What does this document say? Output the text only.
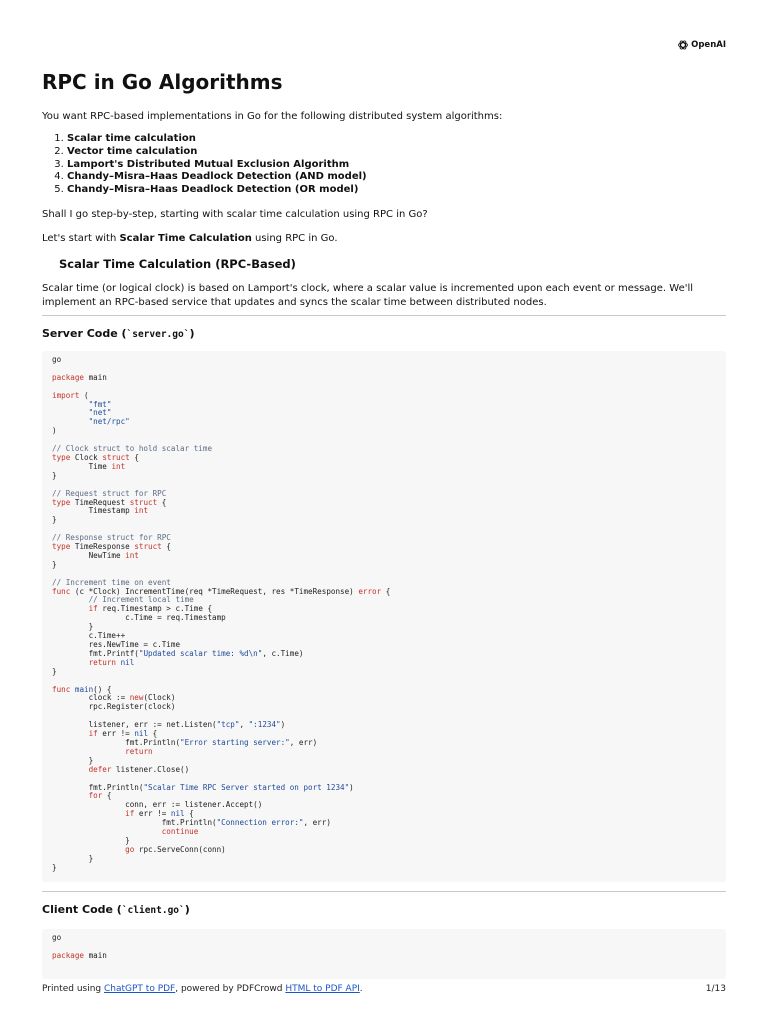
OpenAI
RPC in Go Algorithms

You want RPC-based implementations in Go for the following distributed system algorithms:

1. Scalar time calculation
2. Vector time calculation
3. Lamport's Distributed Mutual Exclusion Algorithm
4. Chandy–Misra–Haas Deadlock Detection (AND model)
5. Chandy–Misra–Haas Deadlock Detection (OR model)

Shall I go step-by-step, starting with scalar time calculation using RPC in Go?

Let's start with Scalar Time Calculation using RPC in Go.

Scalar Time Calculation (RPC-Based)

Scalar time (or logical clock) is based on Lamport's clock, where a scalar value is incremented upon each event or message. We'll implement an RPC-based service that updates and syncs the scalar time between distributed nodes.

Server Code (`server.go`)
go

package main

import (
"fmt"
"net"
"net/rpc"
)

// Clock struct to hold scalar time
type Clock struct {
Time int
}

// Request struct for RPC
type TimeRequest struct {
Timestamp int
}

// Response struct for RPC
type TimeResponse struct {
NewTime int
}

// Increment time on event
func (c *Clock) IncrementTime(req *TimeRequest, res *TimeResponse) error {
// Increment local time
if req.Timestamp > c.Time {
c.Time = req.Timestamp
}
c.Time++
res.NewTime = c.Time
fmt.Printf("Updated scalar time: %d\n", c.Time)
return nil
}

func main() {
clock := new(Clock)
rpc.Register(clock)

listener, err := net.Listen("tcp", ":1234")
if err != nil {
fmt.Println("Error starting server:", err)
return
}
defer listener.Close()

fmt.Println("Scalar Time RPC Server started on port 1234")
for {
conn, err := listener.Accept()
if err != nil {
fmt.Println("Connection error:", err)
continue
}
go rpc.ServeConn(conn)
}
}
Client Code (`client.go`)
go

package main
Printed using ChatGPT to PDF, powered by PDFCrowd HTML to PDF API.	1/13
